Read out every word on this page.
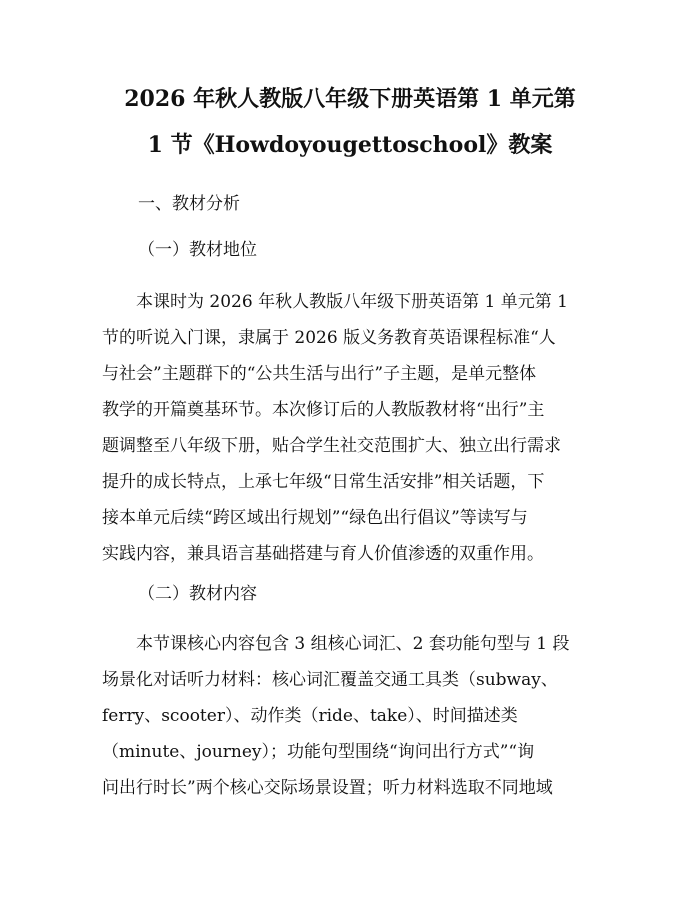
2026 年秋人教版八年级下册英语第 1 单元第
1 节《Howdoyougettoschool》教案
一、教材分析
（一）教材地位
　　本课时为 2026 年秋人教版八年级下册英语第 1 单元第 1
节的听说入门课，隶属于 2026 版义务教育英语课程标准“人
与社会”主题群下的“公共生活与出行”子主题，是单元整体
教学的开篇奠基环节。本次修订后的人教版教材将“出行”主
题调整至八年级下册，贴合学生社交范围扩大、独立出行需求
提升的成长特点，上承七年级“日常生活安排”相关话题，下
接本单元后续“跨区域出行规划”“绿色出行倡议”等读写与
实践内容，兼具语言基础搭建与育人价值渗透的双重作用。
（二）教材内容
　　本节课核心内容包含 3 组核心词汇、2 套功能句型与 1 段
场景化对话听力材料：核心词汇覆盖交通工具类（subway、
ferry、scooter）、动作类（ride、take）、时间描述类
（minute、journey）；功能句型围绕“询问出行方式”“询
问出行时长”两个核心交际场景设置；听力材料选取不同地域
